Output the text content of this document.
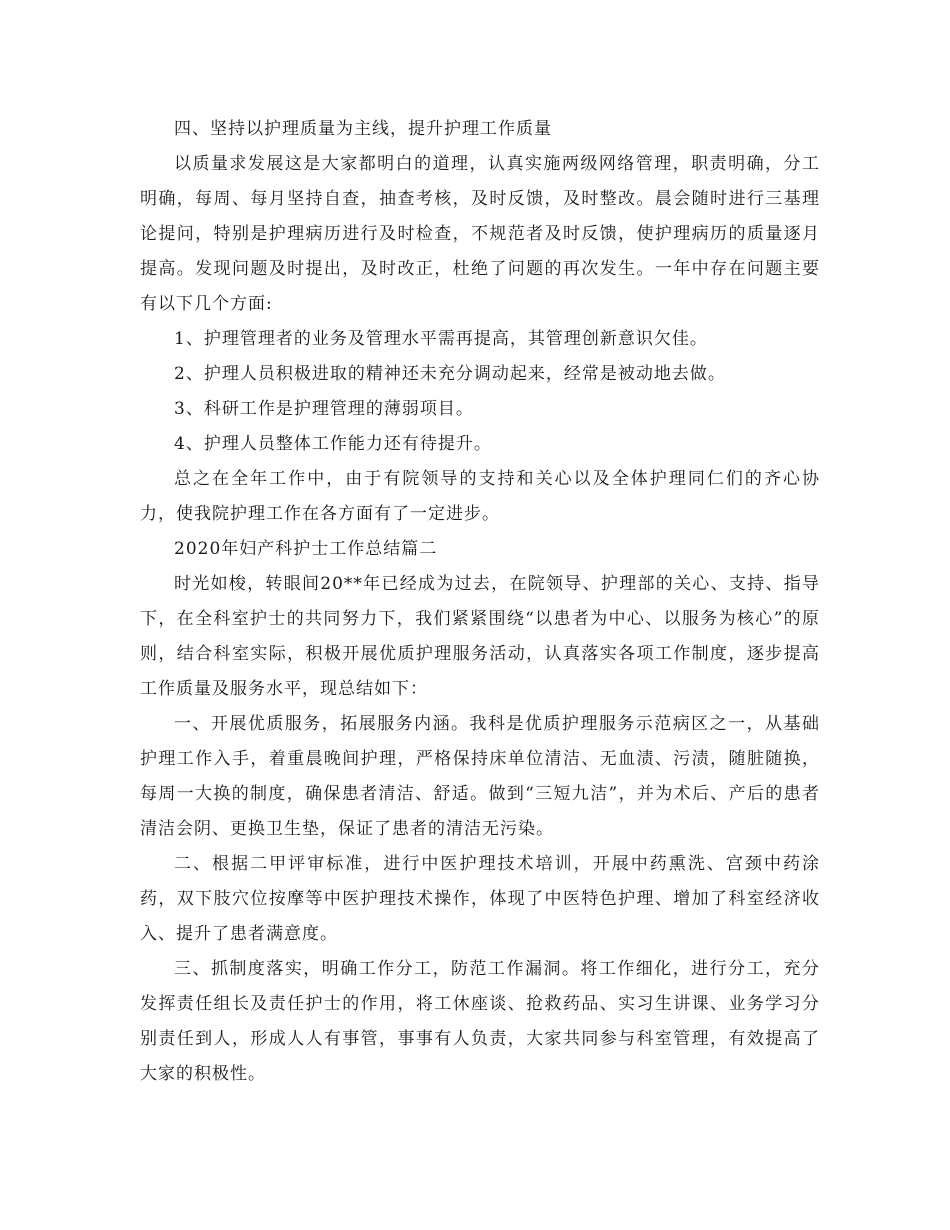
四、坚持以护理质量为主线，提升护理工作质量

以质量求发展这是大家都明白的道理，认真实施两级网络管理，职责明确，分工明确，每周、每月坚持自查，抽查考核，及时反馈，及时整改。晨会随时进行三基理论提问，特别是护理病历进行及时检查，不规范者及时反馈，使护理病历的质量逐月提高。发现问题及时提出，及时改正，杜绝了问题的再次发生。一年中存在问题主要有以下几个方面:

1、护理管理者的业务及管理水平需再提高，其管理创新意识欠佳。

2、护理人员积极进取的精神还未充分调动起来，经常是被动地去做。

3、科研工作是护理管理的薄弱项目。

4、护理人员整体工作能力还有待提升。

总之在全年工作中，由于有院领导的支持和关心以及全体护理同仁们的齐心协力，使我院护理工作在各方面有了一定进步。

2020年妇产科护士工作总结篇二

时光如梭，转眼间20**年已经成为过去，在院领导、护理部的关心、支持、指导下，在全科室护士的共同努力下，我们紧紧围绕“以患者为中心、以服务为核心”的原则，结合科室实际，积极开展优质护理服务活动，认真落实各项工作制度，逐步提高工作质量及服务水平，现总结如下：

一、开展优质服务，拓展服务内涵。我科是优质护理服务示范病区之一，从基础护理工作入手，着重晨晚间护理，严格保持床单位清洁、无血渍、污渍，随脏随换，每周一大换的制度，确保患者清洁、舒适。做到“三短九洁”，并为术后、产后的患者清洁会阴、更换卫生垫，保证了患者的清洁无污染。

二、根据二甲评审标准，进行中医护理技术培训，开展中药熏洗、宫颈中药涂药，双下肢穴位按摩等中医护理技术操作，体现了中医特色护理、增加了科室经济收入、提升了患者满意度。

三、抓制度落实，明确工作分工，防范工作漏洞。将工作细化，进行分工，充分发挥责任组长及责任护士的作用，将工休座谈、抢救药品、实习生讲课、业务学习分别责任到人，形成人人有事管，事事有人负责，大家共同参与科室管理，有效提高了大家的积极性。
